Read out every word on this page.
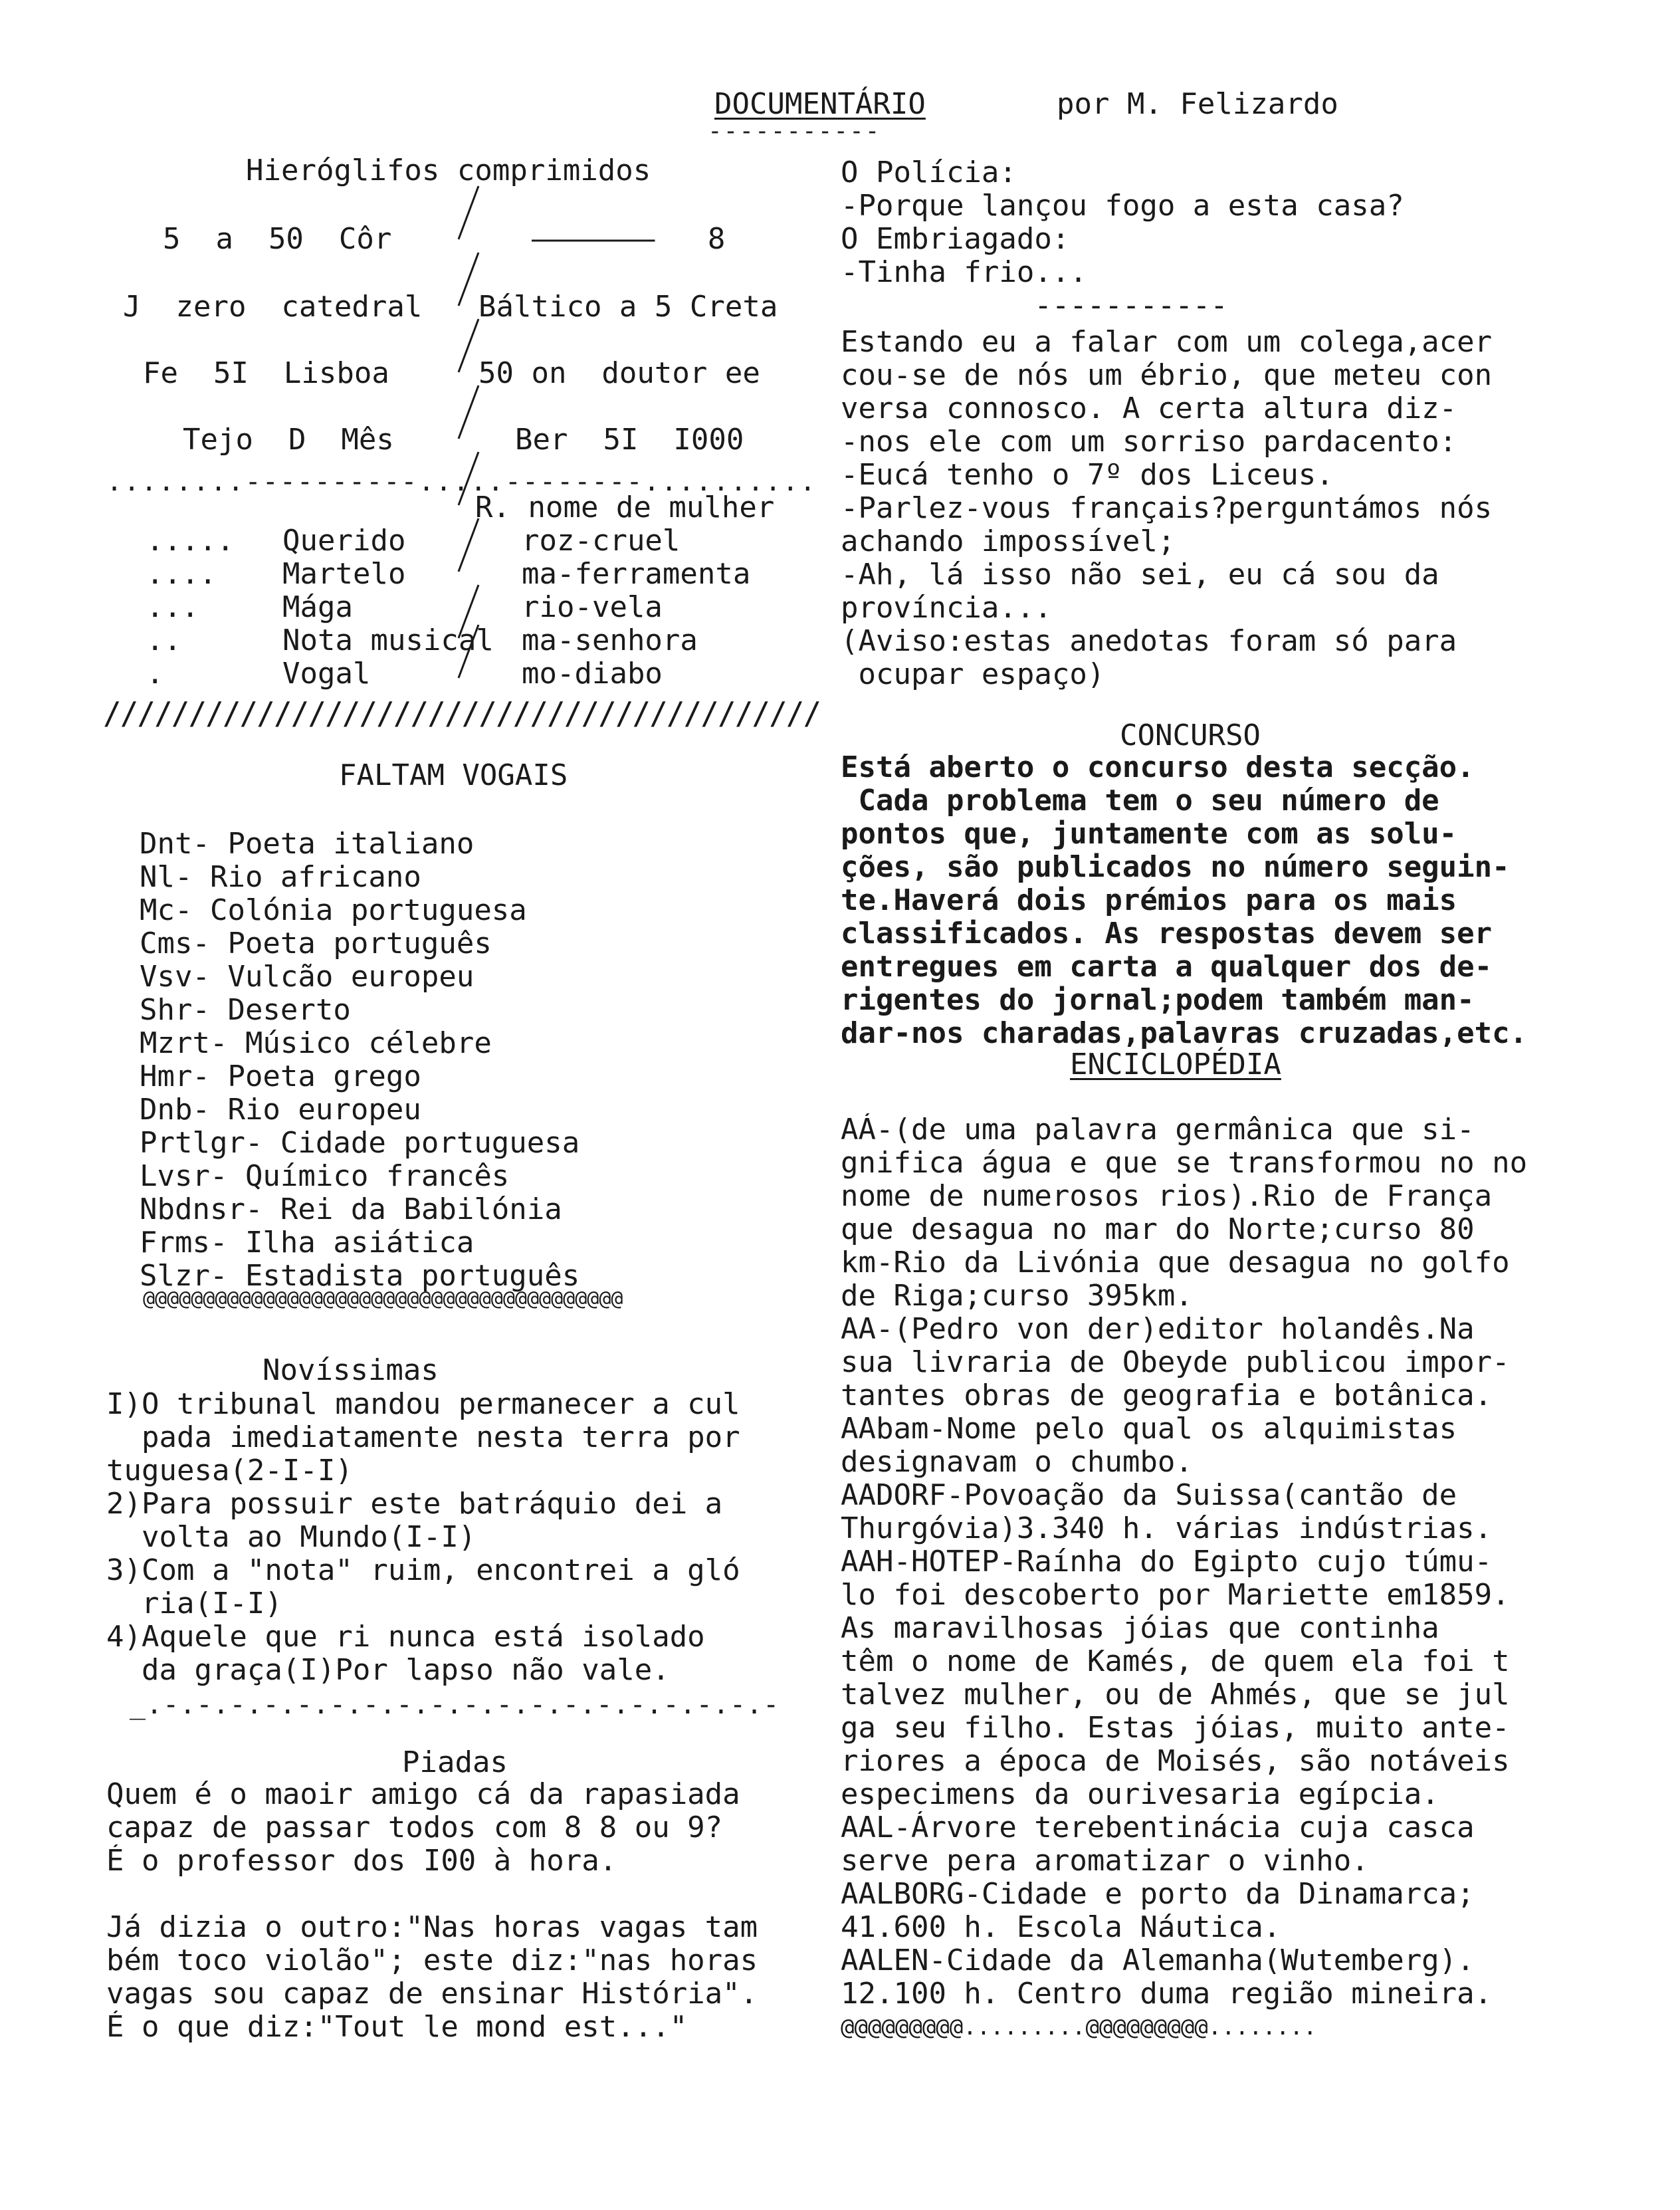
DOCUMENTÁRIO
-----------
por M. Felizardo
Hieróglifos comprimidos
5  a  50  Côr	———————   8
J  zero  catedral Báltico a 5 Creta
Fe  5I  Lisboa	50 on  doutor ee
Tejo  D  Mês	Ber  5I  I000
........----------.....--------..........
R. nome de mulher
..... Querido	roz-cruel
.... Martelo	ma-ferramenta
...	Mága	rio-vela
..	Nota musical ma-senhora
.	Vogal	mo-diabo
//////////////////////////////////////////
FALTAM VOGAIS
Dnt- Poeta italiano
Nl- Rio africano
Mc- Colónia portuguesa
Cms- Poeta português
Vsv- Vulcão europeu
Shr- Deserto
Mzrt- Músico célebre
Hmr- Poeta grego
Dnb- Rio europeu
Prtlgr- Cidade portuguesa
Lvsr- Químico francês
Nbdnsr- Rei da Babilónia
Frms- Ilha asiática
Slzr- Estadista português
@@@@@@@@@@@@@@@@@@@@@@@@@@@@@@@@@@@@@@@@
Novíssimas
I)O tribunal mandou permanecer a cul
pada imediatamente nesta terra por
tuguesa(2-I-I)
2)Para possuir este batráquio dei a
volta ao Mundo(I-I)
3)Com a "nota" ruim, encontrei a gló
ria(I-I)
4)Aquele que ri nunca está isolado
da graça(I)Por lapso não vale.
_.-.-.-.-.-.-.-.-.-.-.-.-.-.-.-.-.-.-.-
Piadas
Quem é o maoir amigo cá da rapasiada
capaz de passar todos com 8 8 ou 9?
É o professor dos I00 à hora.
Já dizia o outro:"Nas horas vagas tam
bém toco violão"; este diz:"nas horas
vagas sou capaz de ensinar História".
É o que diz:"Tout le mond est..."
O Polícia:
-Porque lançou fogo a esta casa?
O Embriagado:
-Tinha frio...
-----------
Estando eu a falar com um colega,acer
cou-se de nós um ébrio, que meteu con
versa connosco. A certa altura diz-
-nos ele com um sorriso pardacento:
-Eucá tenho o 7º dos Liceus.
-Parlez-vous français?perguntámos nós
achando impossível;
-Ah, lá isso não sei, eu cá sou da
província...
(Aviso:estas anedotas foram só para
ocupar espaço)
CONCURSO
Está aberto o concurso desta secção.
Cada problema tem o seu número de
pontos que, juntamente com as solu-
ções, são publicados no número seguin-
te.Haverá dois prémios para os mais
classificados. As respostas devem ser
entregues em carta a qualquer dos de-
rigentes do jornal;podem também man-
dar-nos charadas,palavras cruzadas,etc.
ENCICLOPÉDIA
AÁ-(de uma palavra germânica que si-
gnifica água e que se transformou no no
nome de numerosos rios).Rio de França
que desagua no mar do Norte;curso 80
km-Rio da Livónia que desagua no golfo
de Riga;curso 395km.
AA-(Pedro von der)editor holandês.Na
sua livraria de Obeyde publicou impor-
tantes obras de geografia e botânica.
AAbam-Nome pelo qual os alquimistas
designavam o chumbo.
AADORF-Povoação da Suissa(cantão de
Thurgóvia)3.340 h. várias indústrias.
AAH-HOTEP-Raínha do Egipto cujo túmu-
lo foi descoberto por Mariette em1859.
As maravilhosas jóias que continha
têm o nome de Kamés, de quem ela foi t
talvez mulher, ou de Ahmés, que se jul
ga seu filho. Estas jóias, muito ante-
riores a época de Moisés, são notáveis
especimens da ourivesaria egípcia.
AAL-Árvore terebentinácia cuja casca
serve pera aromatizar o vinho.
AALBORG-Cidade e porto da Dinamarca;
41.600 h. Escola Náutica.
AALEN-Cidade da Alemanha(Wutemberg).
12.100 h. Centro duma região mineira.
@@@@@@@@@.........@@@@@@@@@........
